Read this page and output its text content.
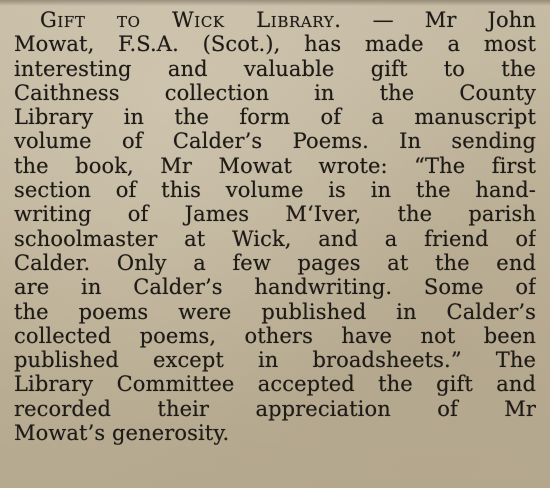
Gift to Wick Library. — Mr John
Mowat, F.S.A. (Scot.), has made a most
interesting and valuable gift to the
Caithness collection in the County
Library in the form of a manuscript
volume of Calder’s Poems. In sending
the book, Mr Mowat wrote: “The first
section of this volume is in the hand-
writing of James M‘Iver, the parish
schoolmaster at Wick, and a friend of
Calder. Only a few pages at the end
are in Calder’s handwriting. Some of
the poems were published in Calder’s
collected poems, others have not been
published except in broadsheets.” The
Library Committee accepted the gift and
recorded their appreciation of Mr
Mowat’s generosity.
